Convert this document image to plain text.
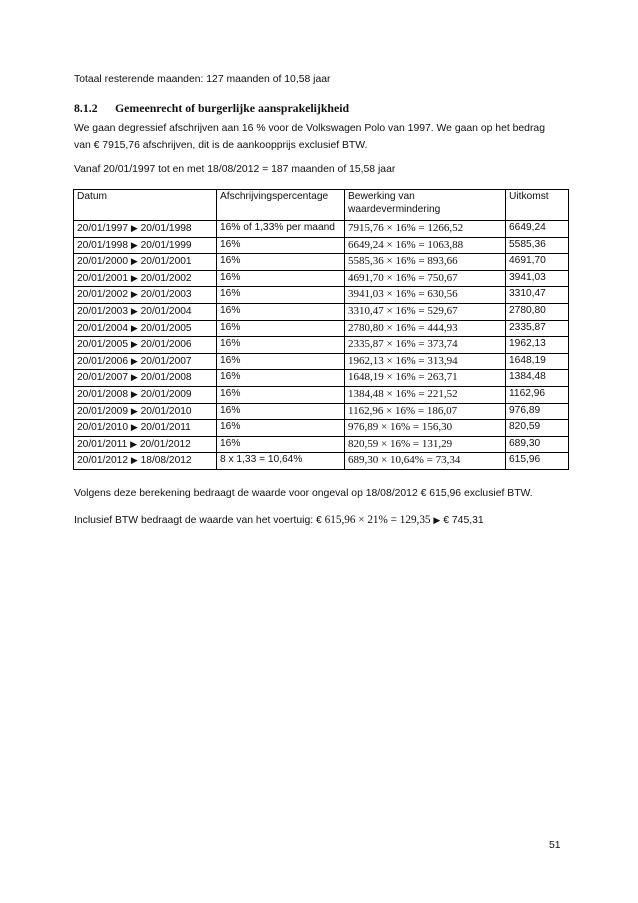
Totaal resterende maanden: 127 maanden of 10,58 jaar
8.1.2 Gemeenrecht of burgerlijke aansprakelijkheid
We gaan degressief afschrijven aan 16 % voor de Volkswagen Polo van 1997. We gaan op het bedrag
van € 7915,76 afschrijven, dit is de aankoopprijs exclusief BTW.
Vanaf 20/01/1997 tot en met 18/08/2012 = 187 maanden of 15,58 jaar
Datum	Afschrijvingspercentage	Bewerking van waardevermindering	Uitkomst
20/01/1997 ▶ 20/01/1998	16% of 1,33% per maand	7915,76 × 16% = 1266,52	6649,24
20/01/1998 ▶ 20/01/1999	16%	6649,24 × 16% = 1063,88	5585,36
20/01/2000 ▶ 20/01/2001	16%	5585,36 × 16% = 893,66	4691,70
20/01/2001 ▶ 20/01/2002	16%	4691,70 × 16% = 750,67	3941,03
20/01/2002 ▶ 20/01/2003	16%	3941,03 × 16% = 630,56	3310,47
20/01/2003 ▶ 20/01/2004	16%	3310,47 × 16% = 529,67	2780,80
20/01/2004 ▶ 20/01/2005	16%	2780,80 × 16% = 444,93	2335,87
20/01/2005 ▶ 20/01/2006	16%	2335,87 × 16% = 373,74	1962,13
20/01/2006 ▶ 20/01/2007	16%	1962,13 × 16% = 313,94	1648,19
20/01/2007 ▶ 20/01/2008	16%	1648,19 × 16% = 263,71	1384,48
20/01/2008 ▶ 20/01/2009	16%	1384,48 × 16% = 221,52	1162,96
20/01/2009 ▶ 20/01/2010	16%	1162,96 × 16% = 186,07	976,89
20/01/2010 ▶ 20/01/2011	16%	976,89 × 16% = 156,30	820,59
20/01/2011 ▶ 20/01/2012	16%	820,59 × 16% = 131,29	689,30
20/01/2012 ▶ 18/08/2012	8 x 1,33 = 10,64%	689,30 × 10,64% = 73,34	615,96
Volgens deze berekening bedraagt de waarde voor ongeval op 18/08/2012 € 615,96 exclusief BTW.
Inclusief BTW bedraagt de waarde van het voertuig: € 615,96 × 21% = 129,35 ▶ € 745,31
51
